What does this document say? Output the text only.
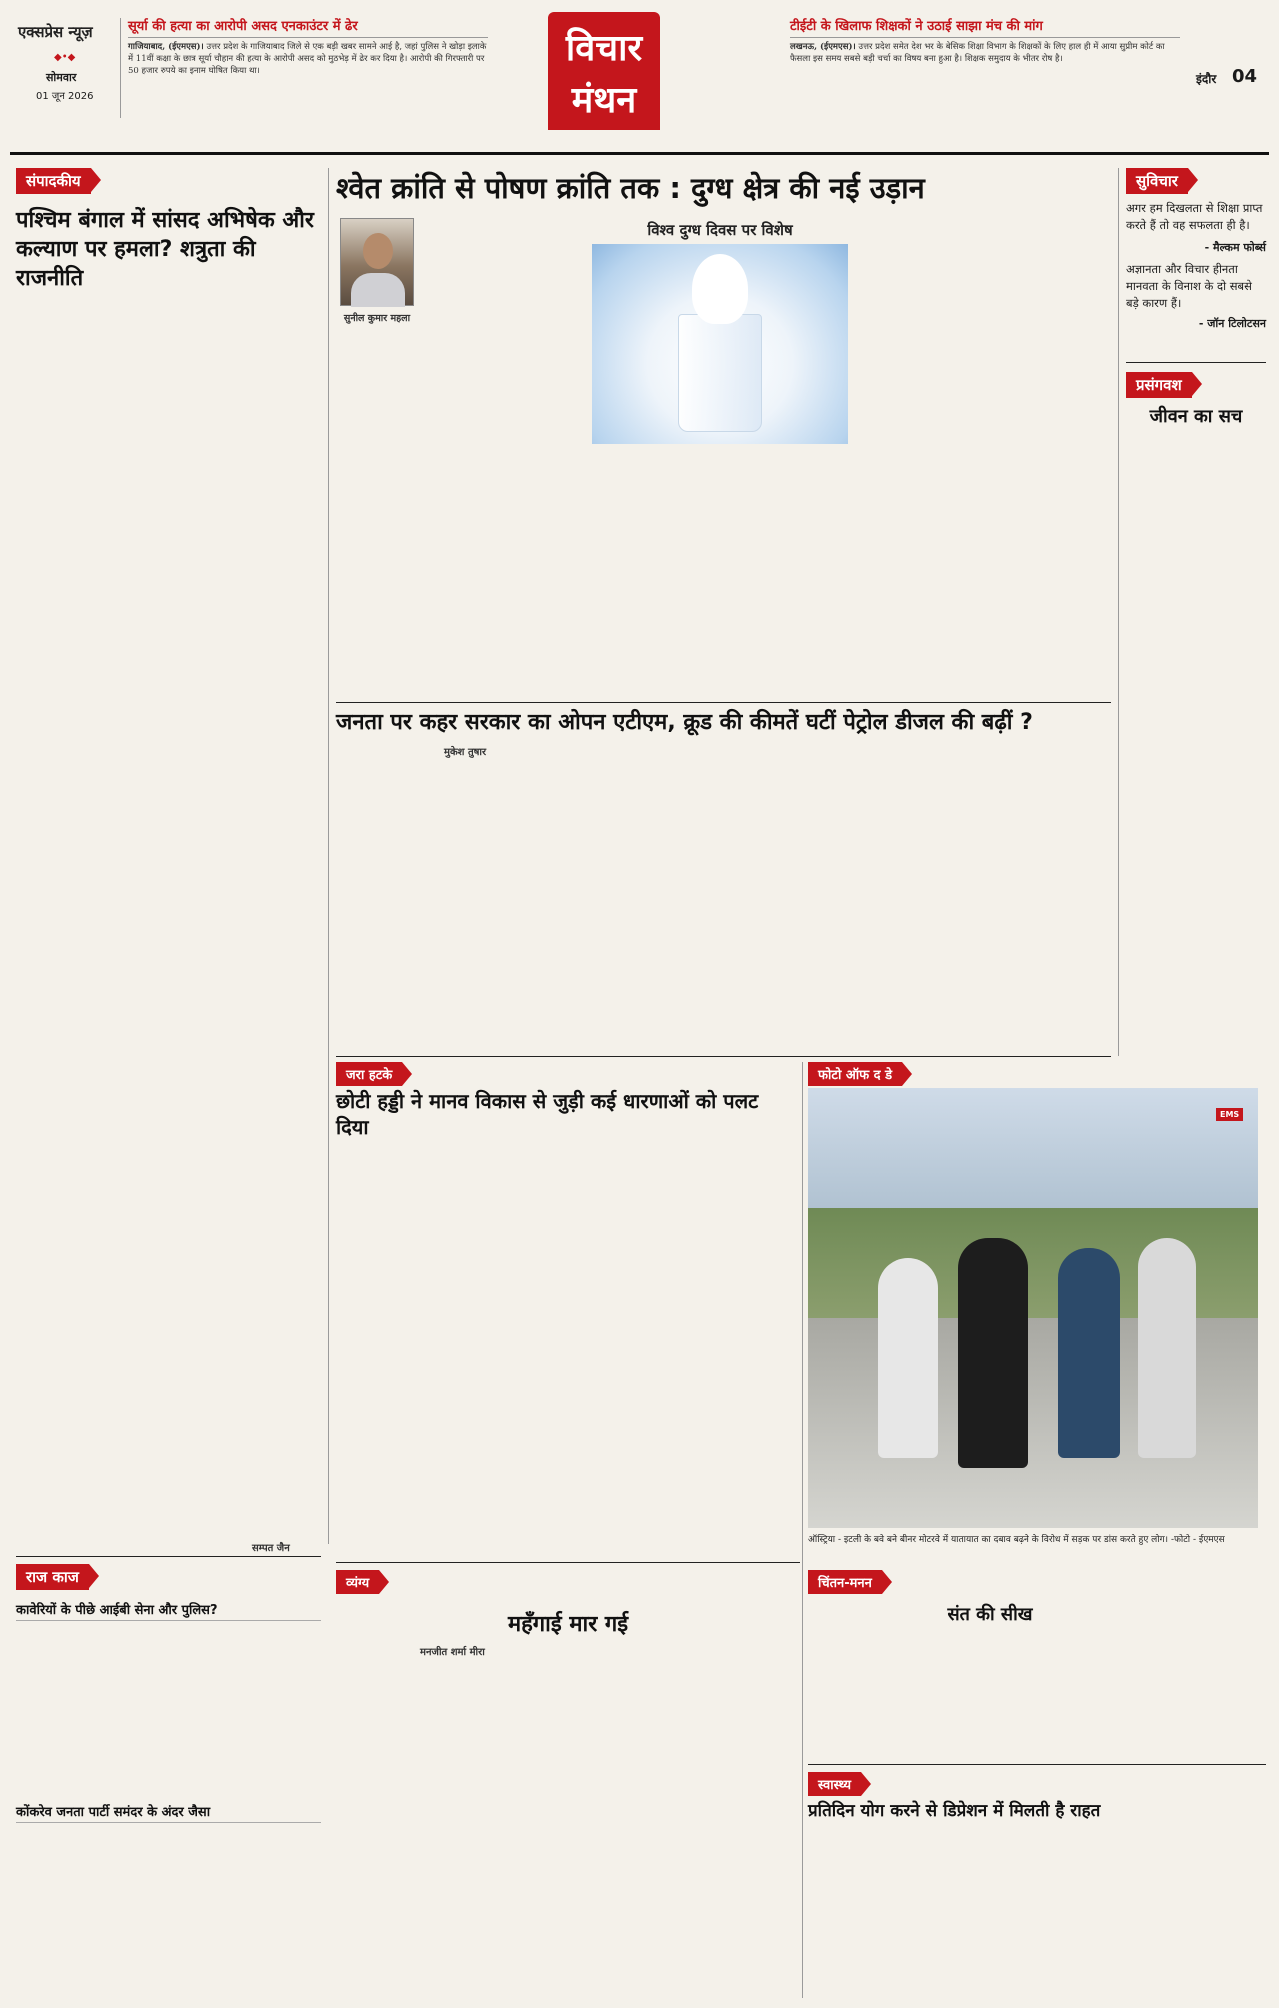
एक्सप्रेस न्यूज़
◆•◆
सोमवार
01 जून 2026
सूर्या की हत्या का आरोपी असद एनकाउंटर में ढेर
गाजियाबाद, (ईएमएस)। उत्तर प्रदेश के गाजियाबाद जिले से एक बड़ी खबर सामने आई है, जहां पुलिस ने खोड़ा इलाके में 11वीं कक्षा के छात्र सूर्या चौहान की हत्या के आरोपी असद को मुठभेड़ में ढेर कर दिया है। आरोपी की गिरफ्तारी पर 50 हजार रुपये का इनाम घोषित किया था।
विचार
मंथन
टीईटी के खिलाफ शिक्षकों ने उठाई साझा मंच की मांग
लखनऊ, (ईएमएस)। उत्तर प्रदेश समेत देश भर के बेसिक शिक्षा विभाग के शिक्षकों के लिए हाल ही में आया सुप्रीम कोर्ट का फैसला इस समय सबसे बड़ी चर्चा का विषय बना हुआ है। शिक्षक समुदाय के भीतर रोष है।
इंदौर 04
संपादकीय
पश्चिम बंगाल में सांसद अभिषेक और कल्याण पर हमला? शत्रुता की राजनीति
सम्पत जैन
राज काज
कावेरियों के पीछे आईबी सेना और पुलिस?
कोंकरेव जनता पार्टी समंदर के अंदर जैसा
श्वेत क्रांति से पोषण क्रांति तक : दुग्ध क्षेत्र की नई उड़ान
सुनील कुमार महला
विश्व दुग्ध दिवस पर विशेष
जनता पर कहर सरकार का ओपन एटीएम, क्रूड की कीमतें घटीं पेट्रोल डीजल की बढ़ीं ?
मुकेश तुषार
जरा हटके
छोटी हड्डी ने मानव विकास से जुड़ी कई धारणाओं को पलट दिया
फोटो ऑफ द डे
EMS
ऑस्ट्रिया - इटली के बवे बने बीनर मोटरवे में यातायात का दबाव बढ़ने के विरोध में सड़क पर डांस करते हुए लोग। -फोटो - ईएमएस
सुविचार
अगर हम दिखलता से शिक्षा प्राप्त करते हैं तो वह सफलता ही है।
- मैल्कम फोर्ब्स
अज्ञानता और विचार हीनता मानवता के विनाश के दो सबसे बड़े कारण हैं।
- जॉन टिलोटसन
प्रसंगवश
जीवन का सच
व्यंग्य
महँगाई मार गई
मनजीत शर्मा मीरा
चिंतन-मनन
संत की सीख
स्वास्थ्य
प्रतिदिन योग करने से डिप्रेशन में मिलती है राहत
